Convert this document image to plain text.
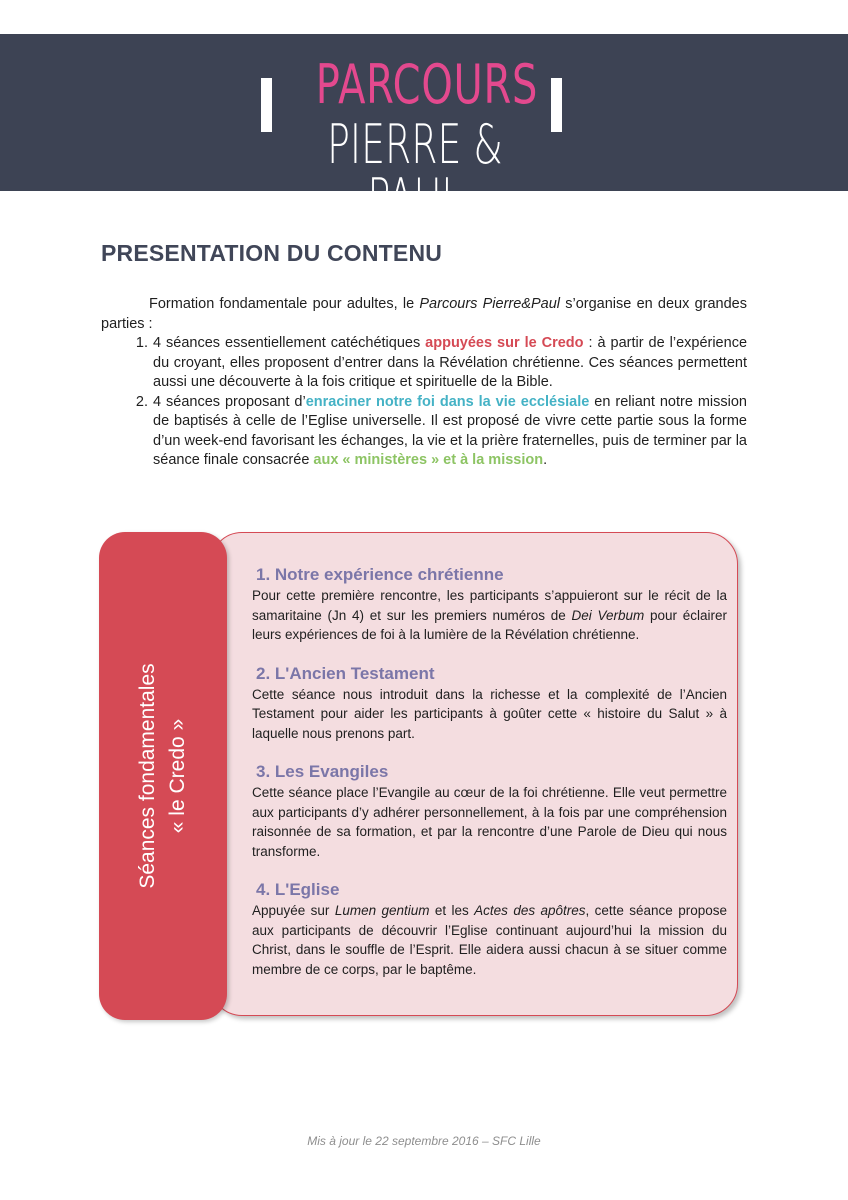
PARCOURS
PIERRE & PAUL
PRESENTATION DU CONTENU

Formation fondamentale pour adultes, le Parcours Pierre&Paul s’organise en deux grandes parties :

1. 4 séances essentiellement catéchétiques appuyées sur le Credo : à partir de l’expérience du croyant, elles proposent d’entrer dans la Révélation chrétienne. Ces séances permettent aussi une découverte à la fois critique et spirituelle de la Bible.
2. 4 séances proposant d’enraciner notre foi dans la vie ecclésiale en reliant notre mission de baptisés à celle de l’Eglise universelle. Il est proposé de vivre cette partie sous la forme d’un week-end favorisant les échanges, la vie et la prière fraternelles, puis de terminer par la séance finale consacrée aux « ministères » et à la mission.
Séances fondamentales « le Credo »
1. Notre expérience chrétienne

Pour cette première rencontre, les participants s’appuieront sur le récit de la samaritaine (Jn 4) et sur les premiers numéros de Dei Verbum pour éclairer leurs expériences de foi à la lumière de la Révélation chrétienne.

2. L'Ancien Testament

Cette séance nous introduit dans la richesse et la complexité de l’Ancien Testament pour aider les participants à goûter cette « histoire du Salut » à laquelle nous prenons part.

3. Les Evangiles

Cette séance place l’Evangile au cœur de la foi chrétienne. Elle veut permettre aux participants d’y adhérer personnellement, à la fois par une compréhension raisonnée de sa formation, et par la rencontre d’une Parole de Dieu qui nous transforme.

4. L'Eglise

Appuyée sur Lumen gentium et les Actes des apôtres, cette séance propose aux participants de découvrir l’Eglise continuant aujourd’hui la mission du Christ, dans le souffle de l’Esprit. Elle aidera aussi chacun à se situer comme membre de ce corps, par le baptême.

Mis à jour le 22 septembre 2016 – SFC Lille
